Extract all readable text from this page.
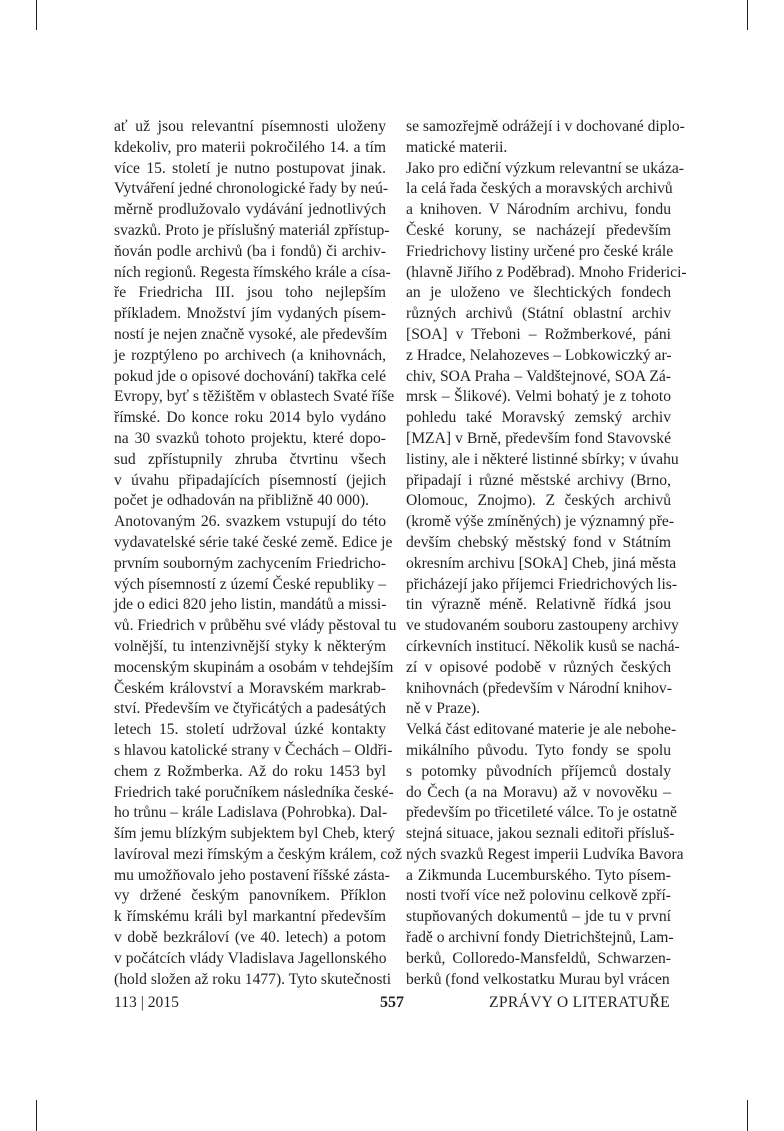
ať už jsou relevantní písemnosti uloženy
kdekoliv, pro materii pokročilého 14. a tím
více 15. století je nutno postupovat jinak.
Vytváření jedné chronologické řady by neú-
měrně prodlužovalo vydávání jednotlivých
svazků. Proto je příslušný materiál zpřístup-
ňován podle archivů (ba i fondů) či archiv-
ních regionů. Regesta římského krále a císa-
ře Friedricha III. jsou toho nejlepším
příkladem. Množství jím vydaných písem-
ností je nejen značně vysoké, ale především
je rozptýleno po archivech (a knihovnách,
pokud jde o opisové dochování) takřka celé
Evropy, byť s těžištěm v oblastech Svaté říše
římské. Do konce roku 2014 bylo vydáno
na 30 svazků tohoto projektu, které dopo-
sud zpřístupnily zhruba čtvrtinu všech
v úvahu připadajících písemností (jejich
počet je odhadován na přibližně 40 000).
Anotovaným 26. svazkem vstupují do této
vydavatelské série také české země. Edice je
prvním souborným zachycením Friedricho-
vých písemností z území České republiky –
jde o edici 820 jeho listin, mandátů a missi-
vů. Friedrich v průběhu své vlády pěstoval tu
volnější, tu intenzivnější styky k některým
mocenským skupinám a osobám v tehdejším
Českém království a Moravském markrab-
ství. Především ve čtyřicátých a padesátých
letech 15. století udržoval úzké kontakty
s hlavou katolické strany v Čechách – Oldři-
chem z Rožmberka. Až do roku 1453 byl
Friedrich také poručníkem následníka české-
ho trůnu – krále Ladislava (Pohrobka). Dal-
ším jemu blízkým subjektem byl Cheb, který
lavíroval mezi římským a českým králem, což
mu umožňovalo jeho postavení říšské zásta-
vy držené českým panovníkem. Příklon
k římskému králi byl markantní především
v době bezkráloví (ve 40. letech) a potom
v počátcích vlády Vladislava Jagellonského
(hold složen až roku 1477). Tyto skutečnosti
se samozřejmě odrážejí i v dochované diplo-
matické materii.
Jako pro ediční výzkum relevantní se ukáza-
la celá řada českých a moravských archivů
a knihoven. V Národním archivu, fondu
České koruny, se nacházejí především
Friedrichovy listiny určené pro české krále
(hlavně Jiřího z Poděbrad). Mnoho Friderici-
an je uloženo ve šlechtických fondech
různých archivů (Státní oblastní archiv
[SOA] v Třeboni – Rožmberkové, páni
z Hradce, Nelahozeves – Lobkowiczký ar-
chiv, SOA Praha – Valdštejnové, SOA Zá-
mrsk – Šlikové). Velmi bohatý je z tohoto
pohledu také Moravský zemský archiv
[MZA] v Brně, především fond Stavovské
listiny, ale i některé listinné sbírky; v úvahu
připadají i různé městské archivy (Brno,
Olomouc, Znojmo). Z českých archivů
(kromě výše zmíněných) je významný pře-
devším chebský městský fond v Státním
okresním archivu [SOkA] Cheb, jiná města
přicházejí jako příjemci Friedrichových lis-
tin výrazně méně. Relativně řídká jsou
ve studovaném souboru zastoupeny archivy
církevních institucí. Několik kusů se nachá-
zí v opisové podobě v různých českých
knihovnách (především v Národní knihov-
ně v Praze).
Velká část editované materie je ale nebohe-
mikálního původu. Tyto fondy se spolu
s potomky původních příjemců dostaly
do Čech (a na Moravu) až v novověku –
především po třicetileté válce. To je ostatně
stejná situace, jakou seznali editoři přísluš-
ných svazků Regest imperii Ludvíka Bavora
a Zikmunda Lucemburského. Tyto písem-
nosti tvoří více než polovinu celkově zpří-
stupňovaných dokumentů – jde tu v první
řadě o archivní fondy Dietrichštejnů, Lam-
berků, Colloredo-Mansfeldů, Schwarzen-
berků (fond velkostatku Murau byl vrácen
113 | 2015	557	ZPRÁVY O LITERATUŘE
